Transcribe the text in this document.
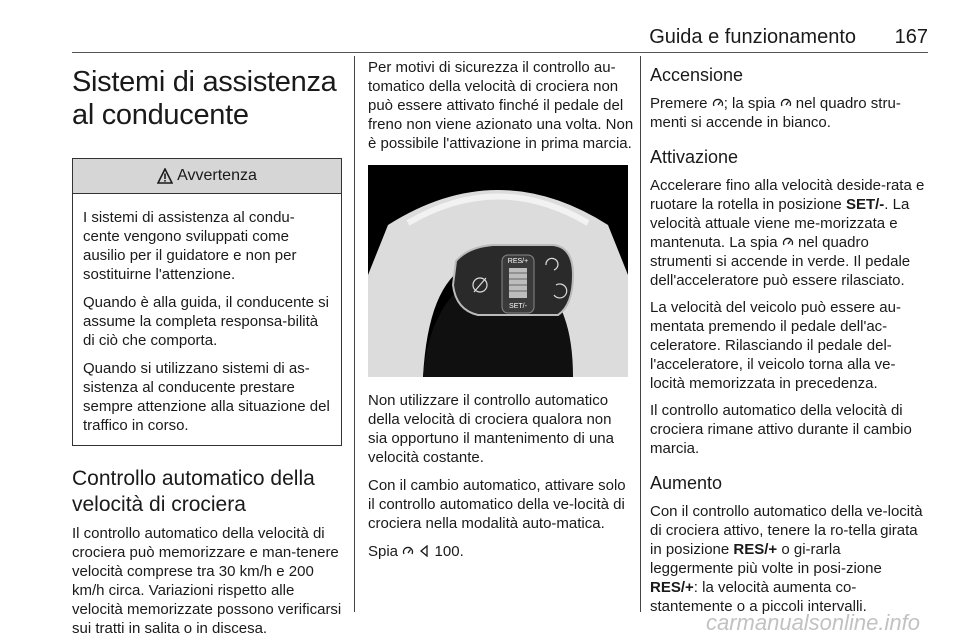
Guida e funzionamento 167
Sistemi di assistenza al conducente
Avvertenza

I sistemi di assistenza al condu-cente vengono sviluppati come ausilio per il guidatore e non per sostituirne l'attenzione.

Quando è alla guida, il conducente si assume la completa responsa-bilità di ciò che comporta.

Quando si utilizzano sistemi di as-sistenza al conducente prestare sempre attenzione alla situazione del traffico in corso.

Controllo automatico della velocità di crociera

Il controllo automatico della velocità di crociera può memorizzare e man-tenere velocità comprese tra 30 km/h e 200 km/h circa. Variazioni rispetto alle velocità memorizzate possono verificarsi sui tratti in salita o in discesa.

Per motivi di sicurezza il controllo au-tomatico della velocità di crociera non può essere attivato finché il pedale del freno non viene azionato una volta. Non è possibile l'attivazione in prima marcia.

RES/+
SET/-

Non utilizzare il controllo automatico della velocità di crociera qualora non sia opportuno il mantenimento di una velocità costante.

Con il cambio automatico, attivare solo il controllo automatico della ve-locità di crociera nella modalità auto-matica.

Spia 100.

Accensione

Premere ; la spia nel quadro stru-menti si accende in bianco.

Attivazione

Accelerare fino alla velocità deside-rata e ruotare la rotella in posizione SET/-. La velocità attuale viene me-morizzata e mantenuta. La spia nel quadro strumenti si accende in verde. Il pedale dell'acceleratore può essere rilasciato.

La velocità del veicolo può essere au-mentata premendo il pedale dell'ac-celeratore. Rilasciando il pedale del-l'acceleratore, il veicolo torna alla ve-locità memorizzata in precedenza.

Il controllo automatico della velocità di crociera rimane attivo durante il cambio marcia.

Aumento

Con il controllo automatico della ve-locità di crociera attivo, tenere la ro-tella girata in posizione RES/+ o gi-rarla leggermente più volte in posi-zione RES/+: la velocità aumenta co-stantemente o a piccoli intervalli.

carmanualsonline.info
